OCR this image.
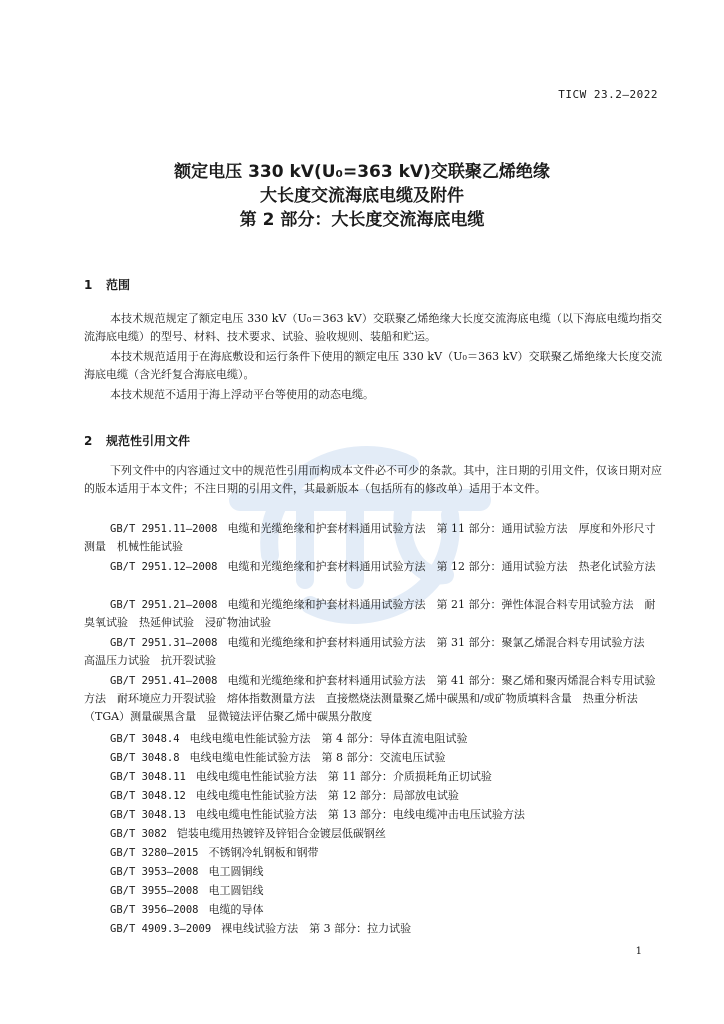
TICW 23.2—2022
额定电压 330 kV(U₀=363 kV)交联聚乙烯绝缘
大长度交流海底电缆及附件
第 2 部分：大长度交流海底电缆
1 范围

本技术规范规定了额定电压 330 kV（U₀＝363 kV）交联聚乙烯绝缘大长度交流海底电缆（以下海底电缆均指交流海底电缆）的型号、材料、技术要求、试验、验收规则、装船和贮运。

本技术规范适用于在海底敷设和运行条件下使用的额定电压 330 kV（U₀＝363 kV）交联聚乙烯绝缘大长度交流海底电缆（含光纤复合海底电缆）。

本技术规范不适用于海上浮动平台等使用的动态电缆。

2 规范性引用文件

下列文件中的内容通过文中的规范性引用而构成本文件必不可少的条款。其中，注日期的引用文件，仅该日期对应的版本适用于本文件；不注日期的引用文件，其最新版本（包括所有的修改单）适用于本文件。

GB/T 2951.11—2008 电缆和光缆绝缘和护套材料通用试验方法　第 11 部分：通用试验方法　厚度和外形尺寸测量　机械性能试验

GB/T 2951.12—2008 电缆和光缆绝缘和护套材料通用试验方法　第 12 部分：通用试验方法　热老化试验方法

GB/T 2951.21—2008 电缆和光缆绝缘和护套材料通用试验方法　第 21 部分：弹性体混合料专用试验方法　耐臭氧试验　热延伸试验　浸矿物油试验

GB/T 2951.31—2008 电缆和光缆绝缘和护套材料通用试验方法　第 31 部分：聚氯乙烯混合料专用试验方法　高温压力试验　抗开裂试验

GB/T 2951.41—2008 电缆和光缆绝缘和护套材料通用试验方法　第 41 部分：聚乙烯和聚丙烯混合料专用试验方法　耐环境应力开裂试验　熔体指数测量方法　直接燃烧法测量聚乙烯中碳黑和/或矿物质填料含量　热重分析法（TGA）测量碳黑含量　显微镜法评估聚乙烯中碳黑分散度

GB/T 3048.4 电线电缆电性能试验方法　第 4 部分：导体直流电阻试验

GB/T 3048.8 电线电缆电性能试验方法　第 8 部分：交流电压试验

GB/T 3048.11 电线电缆电性能试验方法　第 11 部分：介质损耗角正切试验

GB/T 3048.12 电线电缆电性能试验方法　第 12 部分：局部放电试验

GB/T 3048.13 电线电缆电性能试验方法　第 13 部分：电线电缆冲击电压试验方法

GB/T 3082 铠装电缆用热镀锌及锌铝合金镀层低碳钢丝

GB/T 3280—2015 不锈钢冷轧钢板和钢带

GB/T 3953—2008 电工圆铜线

GB/T 3955—2008 电工圆铝线

GB/T 3956—2008 电缆的导体

GB/T 4909.3—2009 裸电线试验方法　第 3 部分：拉力试验

1
